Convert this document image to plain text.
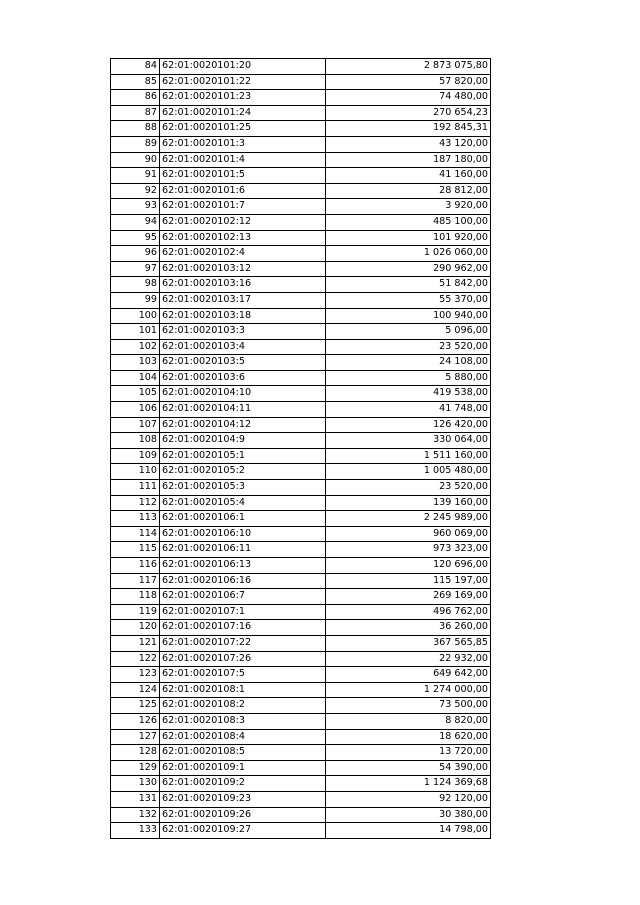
84	62:01:0020101:20	2 873 075,80
85	62:01:0020101:22	57 820,00
86	62:01:0020101:23	74 480,00
87	62:01:0020101:24	270 654,23
88	62:01:0020101:25	192 845,31
89	62:01:0020101:3	43 120,00
90	62:01:0020101:4	187 180,00
91	62:01:0020101:5	41 160,00
92	62:01:0020101:6	28 812,00
93	62:01:0020101:7	3 920,00
94	62:01:0020102:12	485 100,00
95	62:01:0020102:13	101 920,00
96	62:01:0020102:4	1 026 060,00
97	62:01:0020103:12	290 962,00
98	62:01:0020103:16	51 842,00
99	62:01:0020103:17	55 370,00
100	62:01:0020103:18	100 940,00
101	62:01:0020103:3	5 096,00
102	62:01:0020103:4	23 520,00
103	62:01:0020103:5	24 108,00
104	62:01:0020103:6	5 880,00
105	62:01:0020104:10	419 538,00
106	62:01:0020104:11	41 748,00
107	62:01:0020104:12	126 420,00
108	62:01:0020104:9	330 064,00
109	62:01:0020105:1	1 511 160,00
110	62:01:0020105:2	1 005 480,00
111	62:01:0020105:3	23 520,00
112	62:01:0020105:4	139 160,00
113	62:01:0020106:1	2 245 989,00
114	62:01:0020106:10	960 069,00
115	62:01:0020106:11	973 323,00
116	62:01:0020106:13	120 696,00
117	62:01:0020106:16	115 197,00
118	62:01:0020106:7	269 169,00
119	62:01:0020107:1	496 762,00
120	62:01:0020107:16	36 260,00
121	62:01:0020107:22	367 565,85
122	62:01:0020107:26	22 932,00
123	62:01:0020107:5	649 642,00
124	62:01:0020108:1	1 274 000,00
125	62:01:0020108:2	73 500,00
126	62:01:0020108:3	8 820,00
127	62:01:0020108:4	18 620,00
128	62:01:0020108:5	13 720,00
129	62:01:0020109:1	54 390,00
130	62:01:0020109:2	1 124 369,68
131	62:01:0020109:23	92 120,00
132	62:01:0020109:26	30 380,00
133	62:01:0020109:27	14 798,00
